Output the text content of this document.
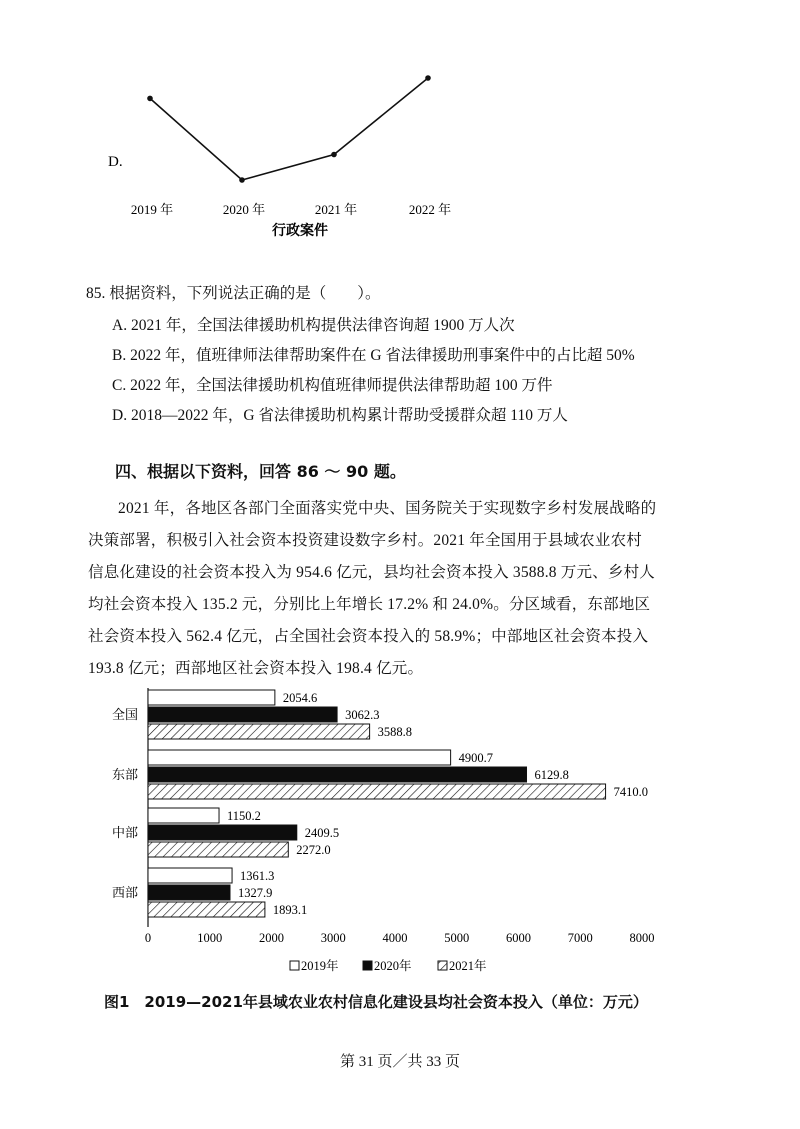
D.
2019 年	2020 年	2021 年	2022 年
行政案件
85. 根据资料，下列说法正确的是（　　）。
A. 2021 年，全国法律援助机构提供法律咨询超 1900 万人次
B. 2022 年，值班律师法律帮助案件在 G 省法律援助刑事案件中的占比超 50%
C. 2022 年，全国法律援助机构值班律师提供法律帮助超 100 万件
D. 2018—2022 年，G 省法律援助机构累计帮助受援群众超 110 万人
四、根据以下资料，回答 86 ～ 90 题。
2021 年，各地区各部门全面落实党中央、国务院关于实现数字乡村发展战略的
决策部署，积极引入社会资本投资建设数字乡村。2021 年全国用于县域农业农村
信息化建设的社会资本投入为 954.6 亿元，县均社会资本投入 3588.8 万元、乡村人
均社会资本投入 135.2 元，分别比上年增长 17.2% 和 24.0%。分区域看，东部地区
社会资本投入 562.4 亿元，占全国社会资本投入的 58.9%；中部地区社会资本投入
193.8 亿元；西部地区社会资本投入 198.4 亿元。
2054.6
3062.3
3588.8
4900.7
6129.8
7410.0
1150.2
2409.5
2272.0
1361.3
1327.9
1893.1
全国
东部
中部
西部
0	1000	2000	3000	4000	5000	6000	7000	8000
2019年	2020年	2021年
图1　2019—2021年县域农业农村信息化建设县均社会资本投入（单位：万元）
第 31 页／共 33 页
